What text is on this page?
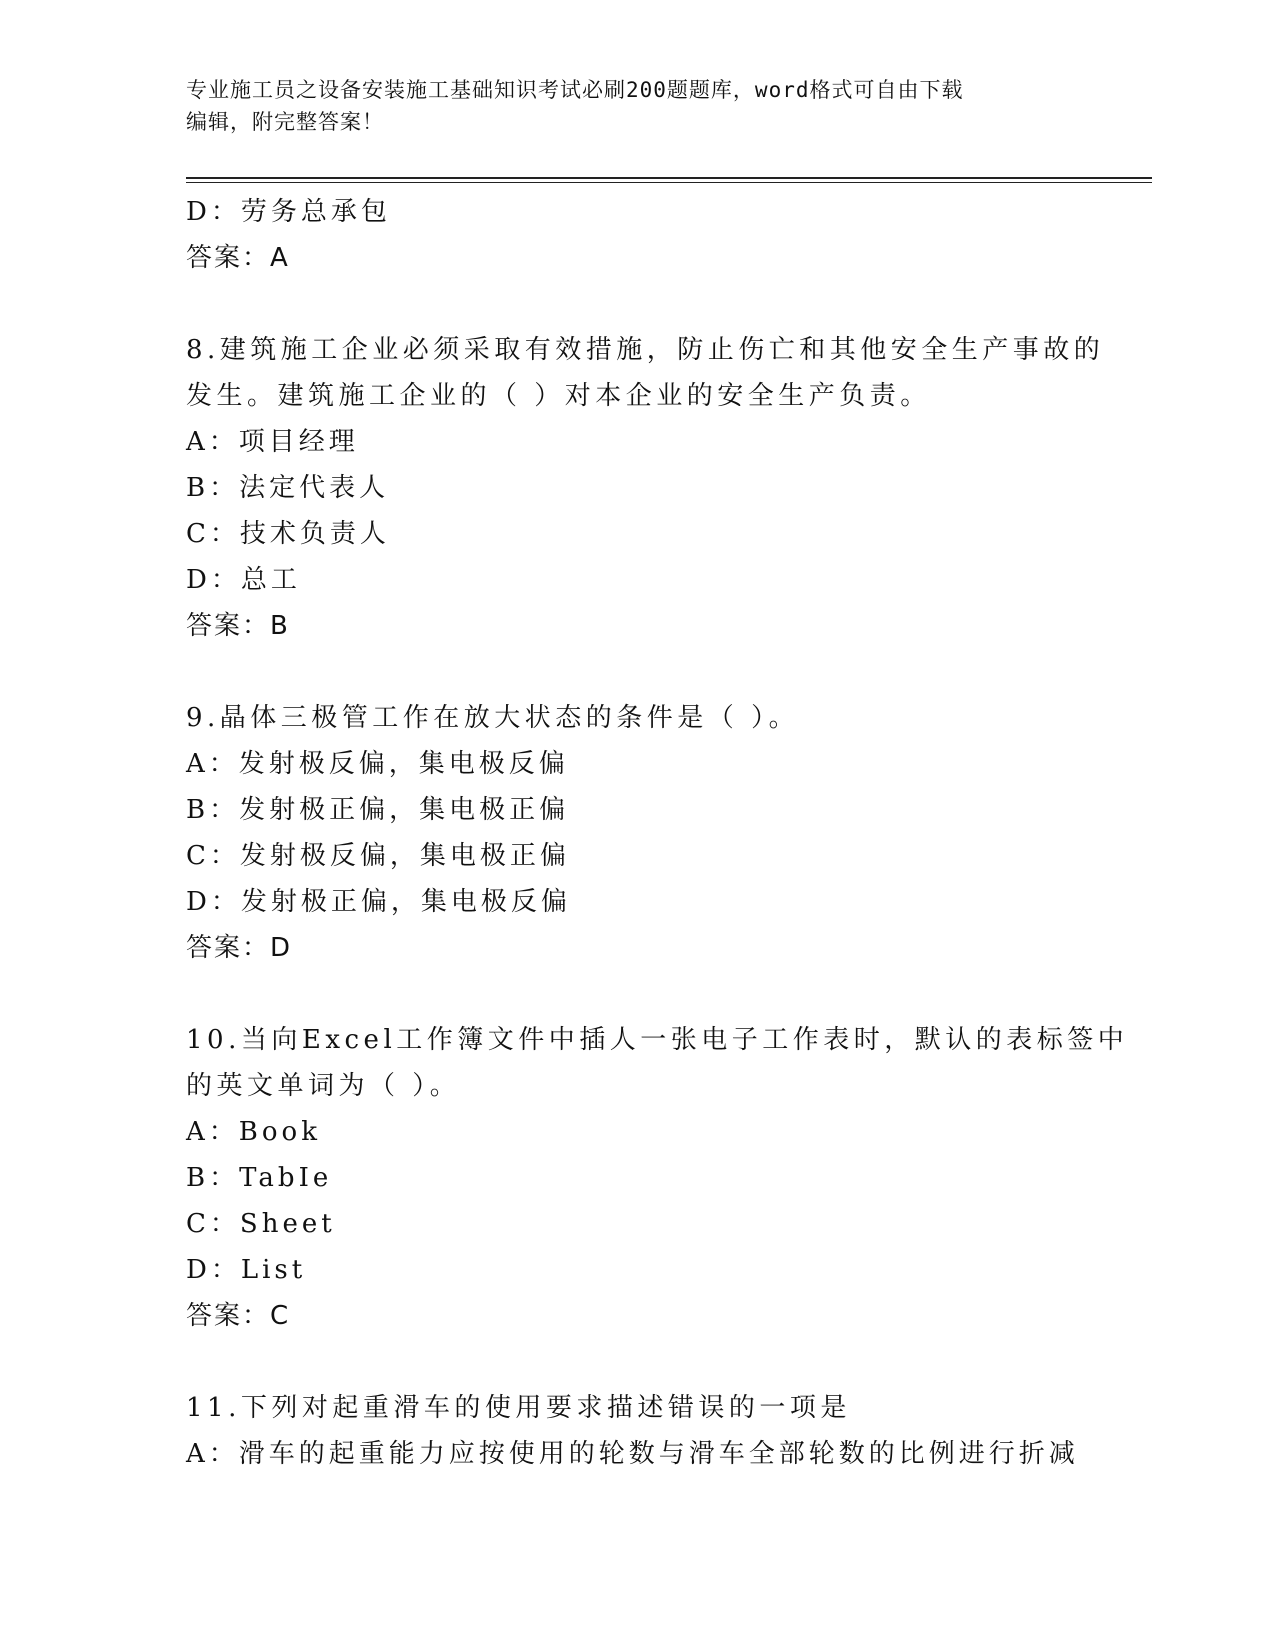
专业施工员之设备安装施工基础知识考试必刷200题题库，word格式可自由下载
编辑，附完整答案！
D：劳务总承包
答案：A
8.建筑施工企业必须采取有效措施，防止伤亡和其他安全生产事故的
发生。建筑施工企业的（ ）对本企业的安全生产负责。
A：项目经理
B：法定代表人
C：技术负责人
D：总工
答案：B
9.晶体三极管工作在放大状态的条件是（ ）。
A：发射极反偏，集电极反偏
B：发射极正偏，集电极正偏
C：发射极反偏，集电极正偏
D：发射极正偏，集电极反偏
答案：D
10.当向Excel工作簿文件中插人一张电子工作表时，默认的表标签中
的英文单词为（ ）。
A：Book
B：TabIe
C：Sheet
D：List
答案：C
11.下列对起重滑车的使用要求描述错误的一项是
A：滑车的起重能力应按使用的轮数与滑车全部轮数的比例进行折减
